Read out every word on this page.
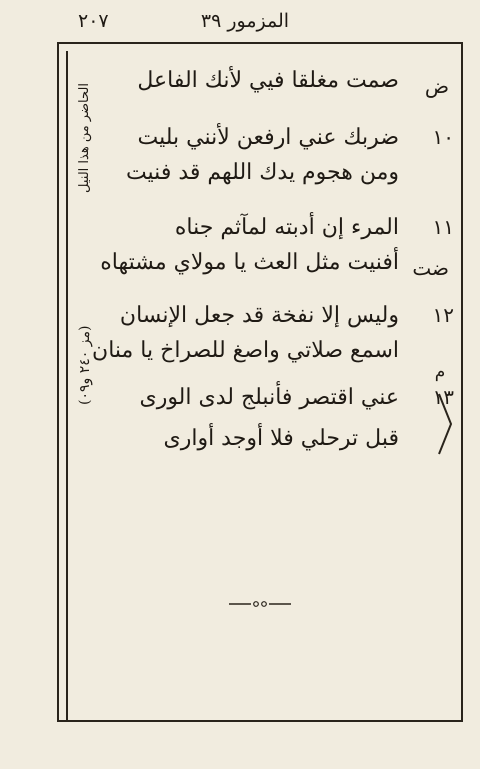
٢٠٧	المزمور ٣٩
الحاضر من هذا النيل
(مز ٢٤٠ و٠٩)
صمت مغلقا فيي لأنك الفاعل	ض
١٠ ضربك عني ارفعن لأنني بليت
ومن هجوم يدك اللهم قد فنيت
١١ المرء إن أدبته لمآثم جناه
أفنيت مثل العث يا مولاي مشتهاه ضت
١٢ وليس إلا نفخة قد جعل الإنسان
اسمع صلاتي واصغ للصراخ يا منان
م
١٣ عني اقتصر فأنبلج لدى الورى
قبل ترحلي فلا أوجد أوارى
